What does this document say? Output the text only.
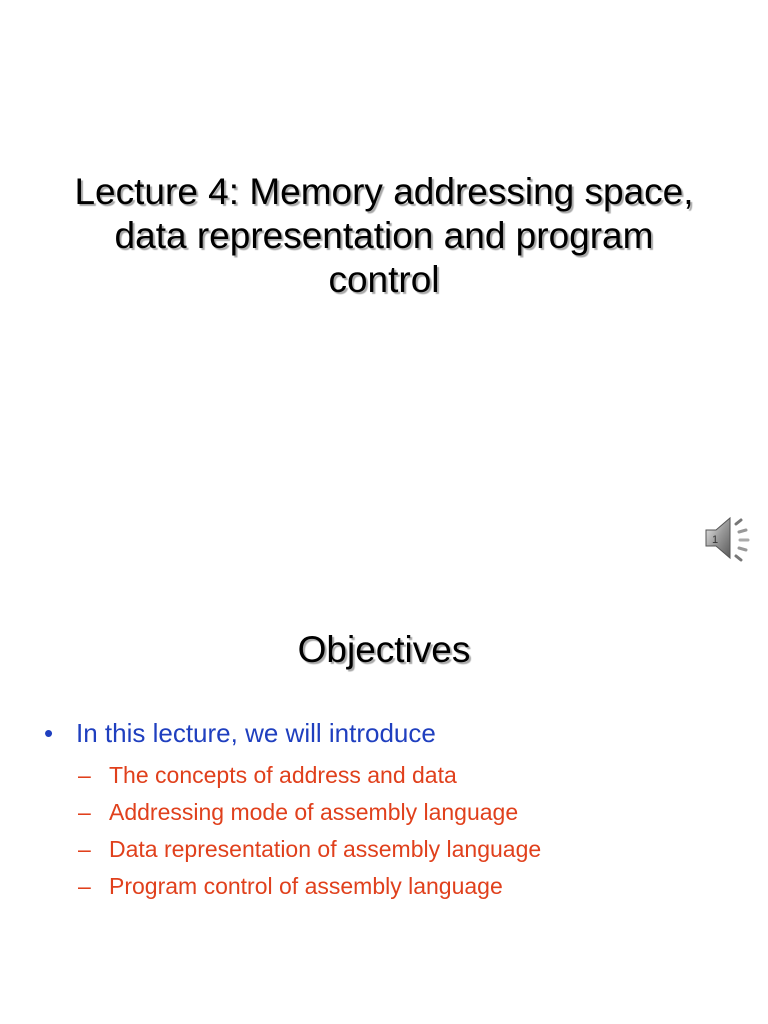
Lecture 4: Memory addressing space,
data representation and program
control
1
Objectives
• In this lecture, we will introduce
– The concepts of address and data
– Addressing mode of assembly language
– Data representation of assembly language
– Program control of assembly language
